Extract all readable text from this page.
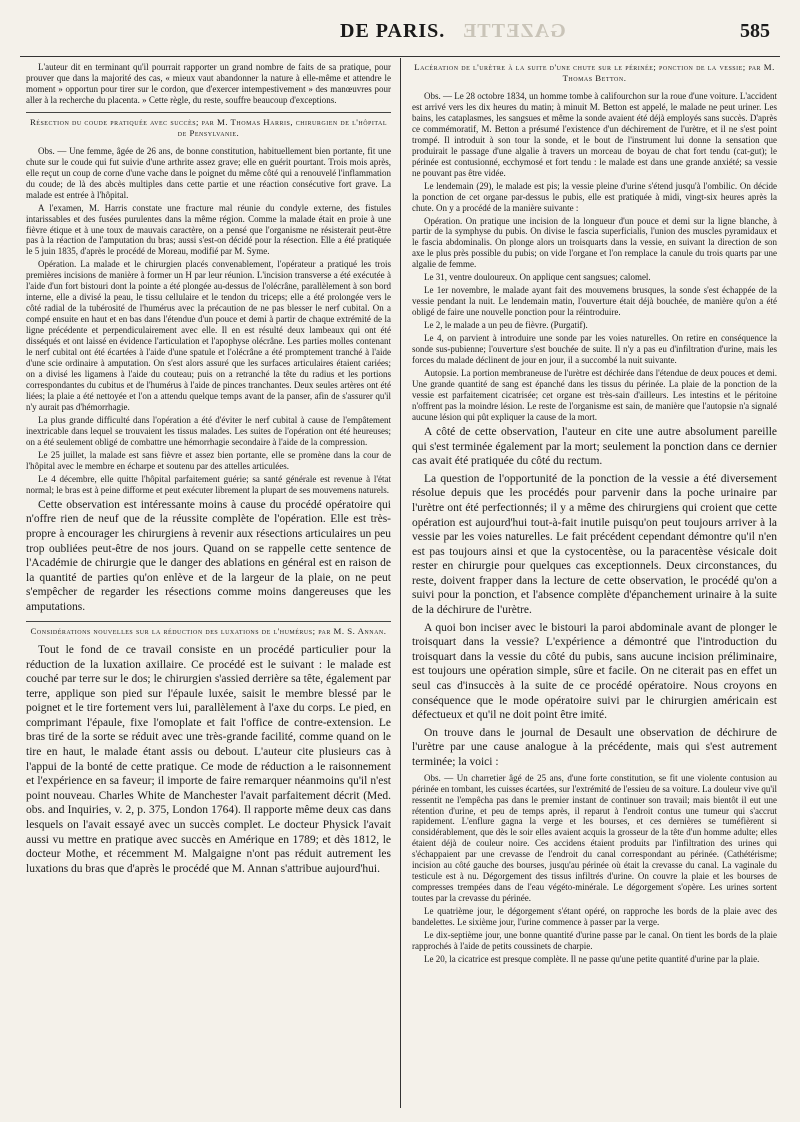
GAZETTE
DE PARIS.	585

L'auteur dit en terminant qu'il pourrait rapporter un grand nombre de faits de sa pratique, pour prouver que dans la majorité des cas, « mieux vaut abandonner la nature à elle-même et attendre le moment » opportun pour tirer sur le cordon, que d'exercer intempestivement » des manœuvres pour aller à la recherche du placenta. » Cette règle, du reste, souffre beaucoup d'exceptions.

Résection du coude pratiquée avec succès; par M. Thomas Harris, chirurgien de l'hôpital de Pensylvanie.

Obs. — Une femme, âgée de 26 ans, de bonne constitution, habituellement bien portante, fit une chute sur le coude qui fut suivie d'une arthrite assez grave; elle en guérit pourtant. Trois mois après, elle reçut un coup de corne d'une vache dans le poignet du même côté qui a renouvelé l'inflammation du coude; de là des abcès multiples dans cette partie et une réaction consécutive fort grave. La malade est entrée à l'hôpital.

A l'examen, M. Harris constate une fracture mal réunie du condyle externe, des fistules intarissables et des fusées purulentes dans la même région. Comme la malade était en proie à une fièvre étique et à une toux de mauvais caractère, on a pensé que l'organisme ne résisterait peut-être pas à la réaction de l'amputation du bras; aussi s'est-on décidé pour la résection. Elle a été pratiquée le 5 juin 1835, d'après le procédé de Moreau, modifié par M. Syme.

Opération. La malade et le chirurgien placés convenablement, l'opérateur a pratiqué les trois premières incisions de manière à former un H par leur réunion. L'incision transverse a été exécutée à l'aide d'un fort bistouri dont la pointe a été plongée au-dessus de l'olécrâne, parallèlement à son bord interne, elle a divisé la peau, le tissu cellulaire et le tendon du triceps; elle a été prolongée vers le côté radial de la tubérosité de l'humérus avec la précaution de ne pas blesser le nerf cubital. On a compé ensuite en haut et en bas dans l'étendue d'un pouce et demi à partir de chaque extrémité de la ligne précédente et perpendiculairement avec elle. Il en est résulté deux lambeaux qui ont été disséqués et ont laissé en évidence l'articulation et l'apophyse olécrâne. Les parties molles contenant le nerf cubital ont été écartées à l'aide d'une spatule et l'olécrâne a été promptement tranché à l'aide d'une scie ordinaire à amputation. On s'est alors assuré que les surfaces articulaires étaient cariées; on a divisé les ligamens à l'aide du couteau; puis on a retranché la tête du radius et les portions correspondantes du cubitus et de l'humérus à l'aide de pinces tranchantes. Deux seules artères ont été liées; la plaie a été nettoyée et l'on a attendu quelque temps avant de la panser, afin de s'assurer qu'il n'y aurait pas d'hémorrhagie.

La plus grande difficulté dans l'opération a été d'éviter le nerf cubital à cause de l'empâtement inextricable dans lequel se trouvaient les tissus malades. Les suites de l'opération ont été heureuses; on a été seulement obligé de combattre une hémorrhagie secondaire à l'aide de la compression.

Le 25 juillet, la malade est sans fièvre et assez bien portante, elle se promène dans la cour de l'hôpital avec le membre en écharpe et soutenu par des attelles articulées.

Le 4 décembre, elle quitte l'hôpital parfaitement guérie; sa santé générale est revenue à l'état normal; le bras est à peine difforme et peut exécuter librement la plupart de ses mouvemens naturels.

Cette observation est intéressante moins à cause du procédé opératoire qui n'offre rien de neuf que de la réussite complète de l'opération. Elle est très-propre à encourager les chirurgiens à revenir aux résections articulaires un peu trop oubliées peut-être de nos jours. Quand on se rappelle cette sentence de l'Académie de chirurgie que le danger des ablations en général est en raison de la quantité de parties qu'on enlève et de la largeur de la plaie, on ne peut s'empêcher de regarder les résections comme moins dangereuses que les amputations.

Considérations nouvelles sur la réduction des luxations de l'humérus; par M. S. Annan.

Tout le fond de ce travail consiste en un procédé particulier pour la réduction de la luxation axillaire. Ce procédé est le suivant : le malade est couché par terre sur le dos; le chirurgien s'assied derrière sa tête, également par terre, applique son pied sur l'épaule luxée, saisit le membre blessé par le poignet et le tire fortement vers lui, parallèlement à l'axe du corps. Le pied, en comprimant l'épaule, fixe l'omoplate et fait l'office de contre-extension. Le bras tiré de la sorte se réduit avec une très-grande facilité, comme quand on le tire en haut, le malade étant assis ou debout. L'auteur cite plusieurs cas à l'appui de la bonté de cette pratique. Ce mode de réduction a le raisonnement et l'expérience en sa faveur; il importe de faire remarquer néanmoins qu'il n'est point nouveau. Charles White de Manchester l'avait parfaitement décrit (Med. obs. and Inquiries, v. 2, p. 375, London 1764). Il rapporte même deux cas dans lesquels on l'avait essayé avec un succès complet. Le docteur Physick l'avait aussi vu mettre en pratique avec succès en Amérique en 1789; et dès 1812, le docteur Mothe, et récemment M. Malgaigne n'ont pas réduit autrement les luxations du bras que d'après le procédé que M. Annan s'attribue aujourd'hui.

Lacération de l'urètre à la suite d'une chute sur le périnée; ponction de la vessie; par M. Thomas Betton.

Obs. — Le 28 octobre 1834, un homme tombe à califourchon sur la roue d'une voiture. L'accident est arrivé vers les dix heures du matin; à minuit M. Betton est appelé, le malade ne peut uriner. Les bains, les cataplasmes, les sangsues et même la sonde avaient été déjà employés sans succès. D'après ce commémoratif, M. Betton a présumé l'existence d'un déchirement de l'urètre, et il ne s'est point trompé. Il introduit à son tour la sonde, et le bout de l'instrument lui donne la sensation que produirait le passage d'une algalie à travers un morceau de boyau de chat fort tendu (cat-gut); le périnée est contusionné, ecchymosé et fort tendu : le malade est dans une grande anxiété; sa vessie ne pouvant pas être vidée.

Le lendemain (29), le malade est pis; la vessie pleine d'urine s'étend jusqu'à l'ombilic. On décide la ponction de cet organe par-dessus le pubis, elle est pratiquée à midi, vingt-six heures après la chute. On y a procédé de la manière suivante :

Opération. On pratique une incision de la longueur d'un pouce et demi sur la ligne blanche, à partir de la symphyse du pubis. On divise le fascia superficialis, l'union des muscles pyramidaux et le fascia abdominalis. On plonge alors un troisquarts dans la vessie, en suivant la direction de son axe le plus près possible du pubis; on vide l'organe et l'on remplace la canule du trois quarts par une algalie de femme.

Le 31, ventre douloureux. On applique cent sangsues; calomel.

Le 1er novembre, le malade ayant fait des mouvemens brusques, la sonde s'est échappée de la vessie pendant la nuit. Le lendemain matin, l'ouverture était déjà bouchée, de manière qu'on a été obligé de faire une nouvelle ponction pour la réintroduire.

Le 2, le malade a un peu de fièvre. (Purgatif).

Le 4, on parvient à introduire une sonde par les voies naturelles. On retire en conséquence la sonde sus-pubienne; l'ouverture s'est bouchée de suite. Il n'y a pas eu d'infiltration d'urine, mais les forces du malade déclinent de jour en jour, il a succombé la nuit suivante.

Autopsie. La portion membraneuse de l'urètre est déchirée dans l'étendue de deux pouces et demi. Une grande quantité de sang est épanché dans les tissus du périnée. La plaie de la ponction de la vessie est parfaitement cicatrisée; cet organe est très-sain d'ailleurs. Les intestins et le péritoine n'offrent pas la moindre lésion. Le reste de l'organisme est sain, de manière que l'autopsie n'a signalé aucune lésion qui pût expliquer la cause de la mort.

A côté de cette observation, l'auteur en cite une autre absolument pareille qui s'est terminée également par la mort; seulement la ponction dans ce dernier cas avait été pratiquée du côté du rectum.

La question de l'opportunité de la ponction de la vessie a été diversement résolue depuis que les procédés pour parvenir dans la poche urinaire par l'urètre ont été perfectionnés; il y a même des chirurgiens qui croient que cette opération est aujourd'hui tout-à-fait inutile puisqu'on peut toujours arriver à la vessie par les voies naturelles. Le fait précédent cependant démontre qu'il n'en est pas toujours ainsi et que la cystocentèse, ou la paracentèse vésicale doit rester en chirurgie pour quelques cas exceptionnels. Deux circonstances, du reste, doivent frapper dans la lecture de cette observation, le procédé qu'on a suivi pour la ponction, et l'absence complète d'épanchement urinaire à la suite de la déchirure de l'urètre.

A quoi bon inciser avec le bistouri la paroi abdominale avant de plonger le troisquart dans la vessie? L'expérience a démontré que l'introduction du troisquart dans la vessie du côté du pubis, sans aucune incision préliminaire, est toujours une opération simple, sûre et facile. On ne citerait pas en effet un seul cas d'insuccès à la suite de ce procédé opératoire. Nous croyons en conséquence que le mode opératoire suivi par le chirurgien américain est défectueux et qu'il ne doit point être imité.

On trouve dans le journal de Desault une observation de déchirure de l'urètre par une cause analogue à la précédente, mais qui s'est autrement terminée; la voici :

Obs. — Un charretier âgé de 25 ans, d'une forte constitution, se fit une violente contusion au périnée en tombant, les cuisses écartées, sur l'extrémité de l'essieu de sa voiture. La douleur vive qu'il ressentit ne l'empêcha pas dans le premier instant de continuer son travail; mais bientôt il eut une rétention d'urine, et peu de temps après, il reparut à l'endroit contus une tumeur qui s'accrut rapidement. L'enflure gagna la verge et les bourses, et ces dernières se tuméfièrent si considérablement, que dès le soir elles avaient acquis la grosseur de la tête d'un homme adulte; elles étaient déjà de couleur noire. Ces accidens étaient produits par l'infiltration des urines qui s'échappaient par une crevasse de l'endroit du canal correspondant au périnée. (Cathétérisme; incision au côté gauche des bourses, jusqu'au périnée où était la crevasse du canal. La vaginale du testicule est à nu. Dégorgement des tissus infiltrés d'urine. On couvre la plaie et les bourses de compresses trempées dans de l'eau végéto-minérale. Le dégorgement s'opère. Les urines sortent toutes par la crevasse du périnée.

Le quatrième jour, le dégorgement s'étant opéré, on rapproche les bords de la plaie avec des bandelettes. Le sixième jour, l'urine commence à passer par la verge.

Le dix-septième jour, une bonne quantité d'urine passe par le canal. On tient les bords de la plaie rapprochés à l'aide de petits coussinets de charpie.

Le 20, la cicatrice est presque complète. Il ne passe qu'une petite quantité d'urine par la plaie.
